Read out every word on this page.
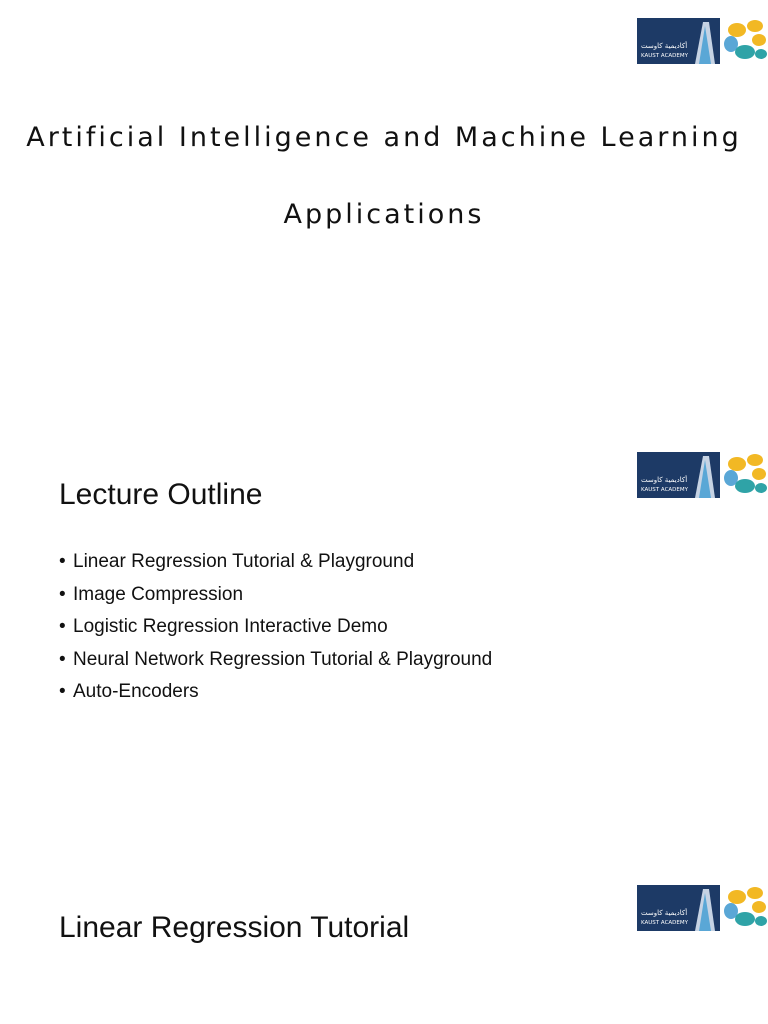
أكاديمية كاوست
KAUST ACADEMY
Artificial Intelligence and Machine Learning
Applications
أكاديمية كاوست
KAUST ACADEMY
Lecture Outline
• Linear Regression Tutorial & Playground
• Image Compression
• Logistic Regression Interactive Demo
• Neural Network Regression Tutorial & Playground
• Auto-Encoders
أكاديمية كاوست
KAUST ACADEMY
Linear Regression Tutorial
